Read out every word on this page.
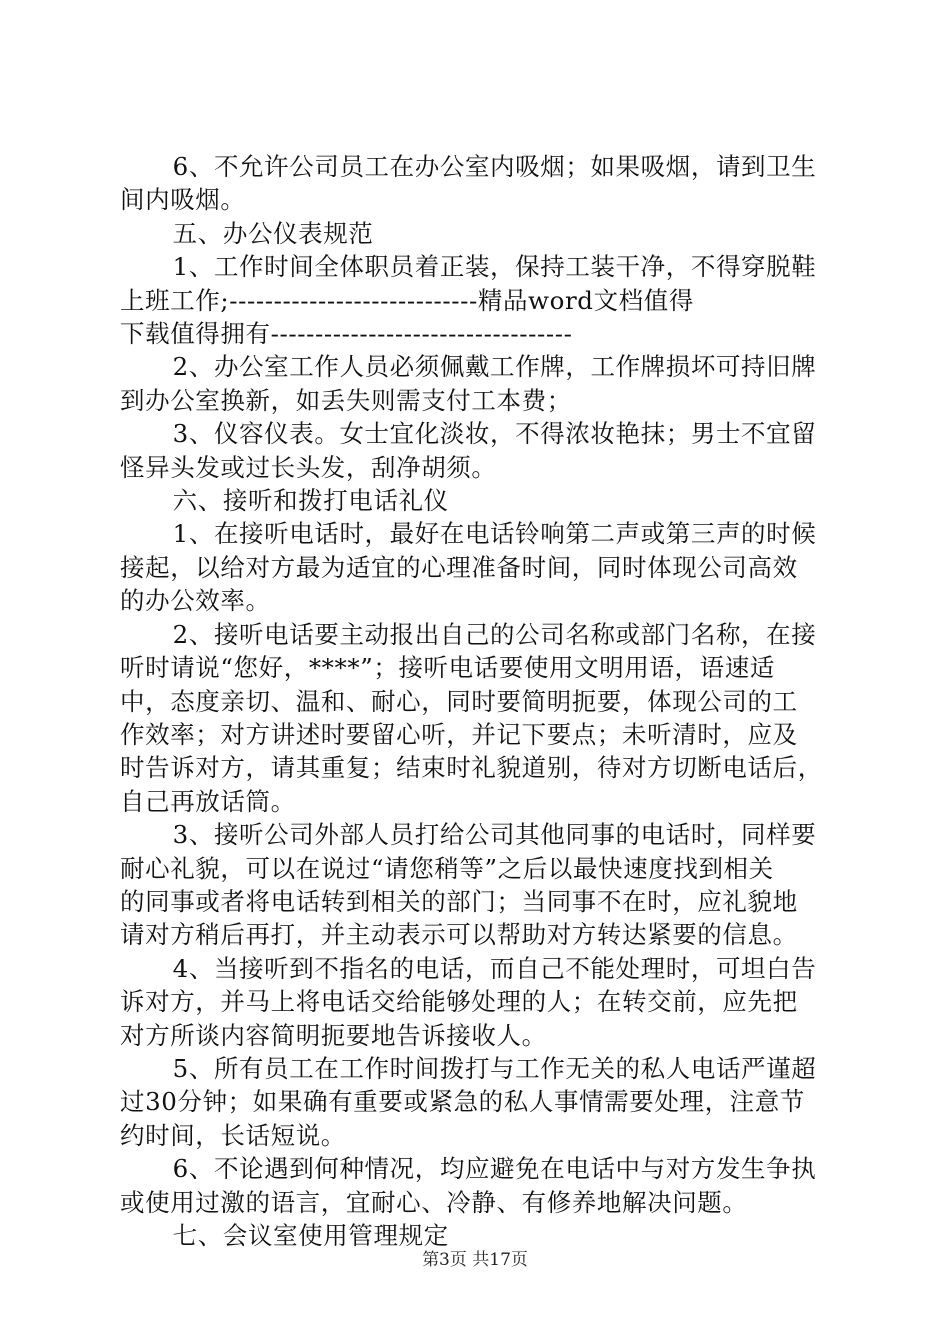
6、不允许公司员工在办公室内吸烟；如果吸烟，请到卫生
间内吸烟。
五、办公仪表规范
1、工作时间全体职员着正装，保持工装干净，不得穿脱鞋
上班工作;----------------------------精品word文档值得
下载值得拥有----------------------------------
2、办公室工作人员必须佩戴工作牌，工作牌损坏可持旧牌
到办公室换新，如丢失则需支付工本费；
3、仪容仪表。女士宜化淡妆，不得浓妆艳抹；男士不宜留
怪异头发或过长头发，刮净胡须。
六、接听和拨打电话礼仪
1、在接听电话时，最好在电话铃响第二声或第三声的时候
接起，以给对方最为适宜的心理准备时间，同时体现公司高效
的办公效率。
2、接听电话要主动报出自己的公司名称或部门名称，在接
听时请说“您好，****”；接听电话要使用文明用语，语速适
中，态度亲切、温和、耐心，同时要简明扼要，体现公司的工
作效率；对方讲述时要留心听，并记下要点；未听清时，应及
时告诉对方，请其重复；结束时礼貌道别，待对方切断电话后，
自己再放话筒。
3、接听公司外部人员打给公司其他同事的电话时，同样要
耐心礼貌，可以在说过“请您稍等”之后以最快速度找到相关
的同事或者将电话转到相关的部门；当同事不在时，应礼貌地
请对方稍后再打，并主动表示可以帮助对方转达紧要的信息。
4、当接听到不指名的电话，而自己不能处理时，可坦白告
诉对方，并马上将电话交给能够处理的人；在转交前，应先把
对方所谈内容简明扼要地告诉接收人。
5、所有员工在工作时间拨打与工作无关的私人电话严谨超
过30分钟；如果确有重要或紧急的私人事情需要处理，注意节
约时间，长话短说。
6、不论遇到何种情况，均应避免在电话中与对方发生争执
或使用过激的语言，宜耐心、冷静、有修养地解决问题。
七、会议室使用管理规定
第3页 共17页
